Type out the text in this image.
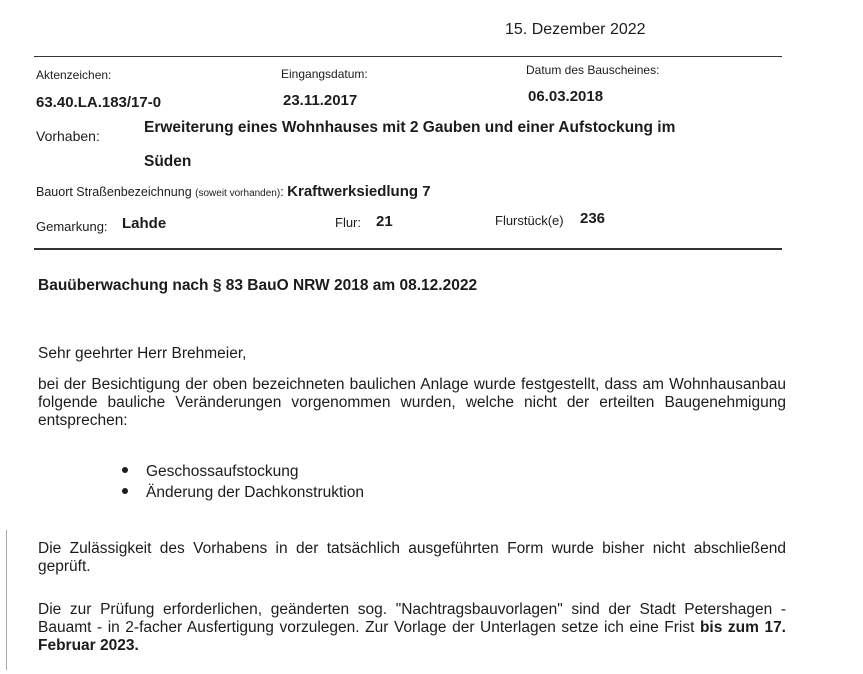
15. Dezember 2022
Aktenzeichen:	Eingangsdatum:	Datum des Bauscheines:
63.40.LA.183/17-0	23.11.2017	06.03.2018
Vorhaben:	Erweiterung eines Wohnhauses mit 2 Gauben und einer Aufstockung im
Süden
Bauort Straßenbezeichnung (soweit vorhanden): Kraftwerksiedlung 7
Gemarkung: Lahde	Flur: 21	Flurstück(e) 236
Bauüberwachung nach § 83 BauO NRW 2018 am 08.12.2022
Sehr geehrter Herr Brehmeier,
bei der Besichtigung der oben bezeichneten baulichen Anlage wurde festgestellt, dass am Wohnhausanbau folgende bauliche Veränderungen vorgenommen wurden, welche nicht der erteilten Baugenehmigung entsprechen:
Geschossaufstockung
Änderung der Dachkonstruktion
Die Zulässigkeit des Vorhabens in der tatsächlich ausgeführten Form wurde bisher nicht abschließend geprüft.
Die zur Prüfung erforderlichen, geänderten sog. "Nachtragsbauvorlagen" sind der Stadt Petershagen - Bauamt - in 2-facher Ausfertigung vorzulegen. Zur Vorlage der Unterlagen setze ich eine Frist bis zum 17. Februar 2023.
